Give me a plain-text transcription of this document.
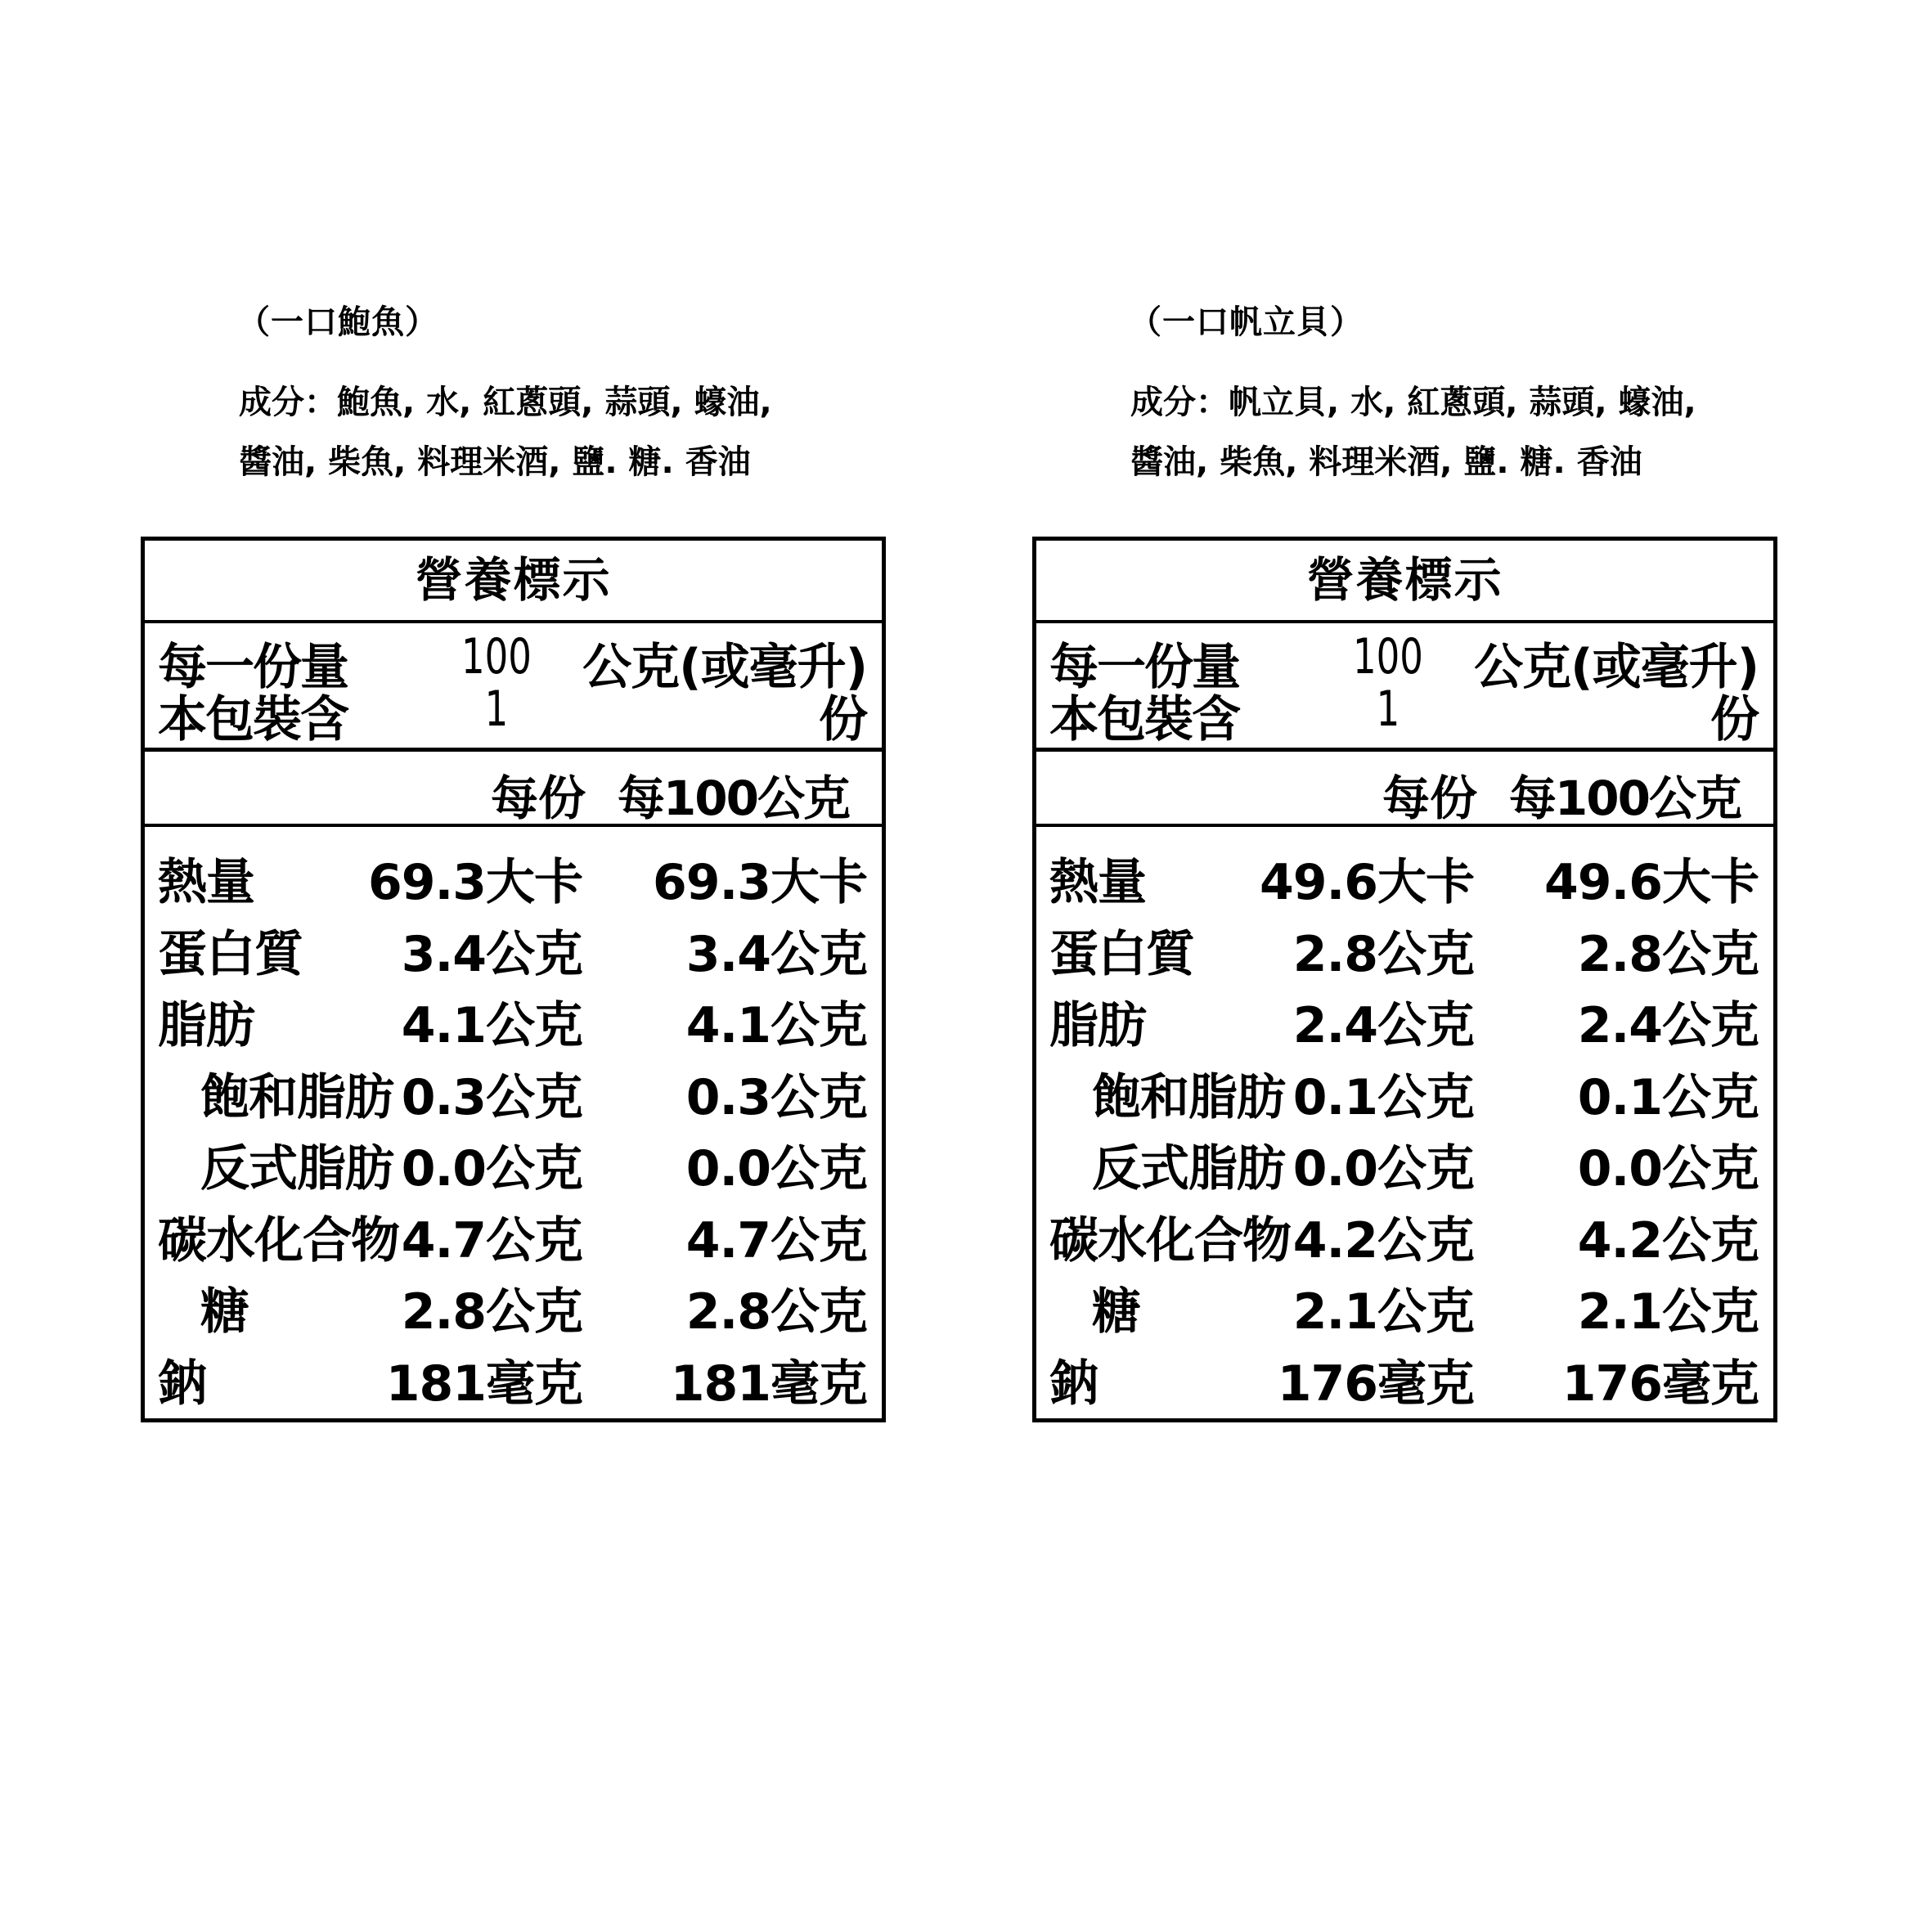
（一口鮑魚）
成分：鮑魚, 水, 紅蔥頭, 蒜頭, 蠔油,
醬油, 柴魚, 料理米酒, 鹽. 糖. 香油
營養標示
每一份量 100 公克(或毫升)
本包裝含	1	份
每份 每100公克
熱量 69.3大卡 69.3大卡
蛋白質 3.4公克 3.4公克
脂肪	4.1公克 4.1公克
飽和脂肪 0.3公克 0.3公克
反式脂肪 0.0公克 0.0公克
碳水化合物 4.7公克 4.7公克
糖	2.8公克 2.8公克
鈉	181毫克 181毫克
（一口帆立貝）
成分：帆立貝, 水, 紅蔥頭, 蒜頭, 蠔油,
醬油, 柴魚, 料理米酒, 鹽. 糖. 香油
營養標示
每一份量 100 公克(或毫升)
本包裝含	1	份
每份 每100公克
熱量 49.6大卡 49.6大卡
蛋白質 2.8公克 2.8公克
脂肪	2.4公克 2.4公克
飽和脂肪 0.1公克 0.1公克
反式脂肪 0.0公克 0.0公克
碳水化合物 4.2公克 4.2公克
糖	2.1公克 2.1公克
鈉	176毫克 176毫克
